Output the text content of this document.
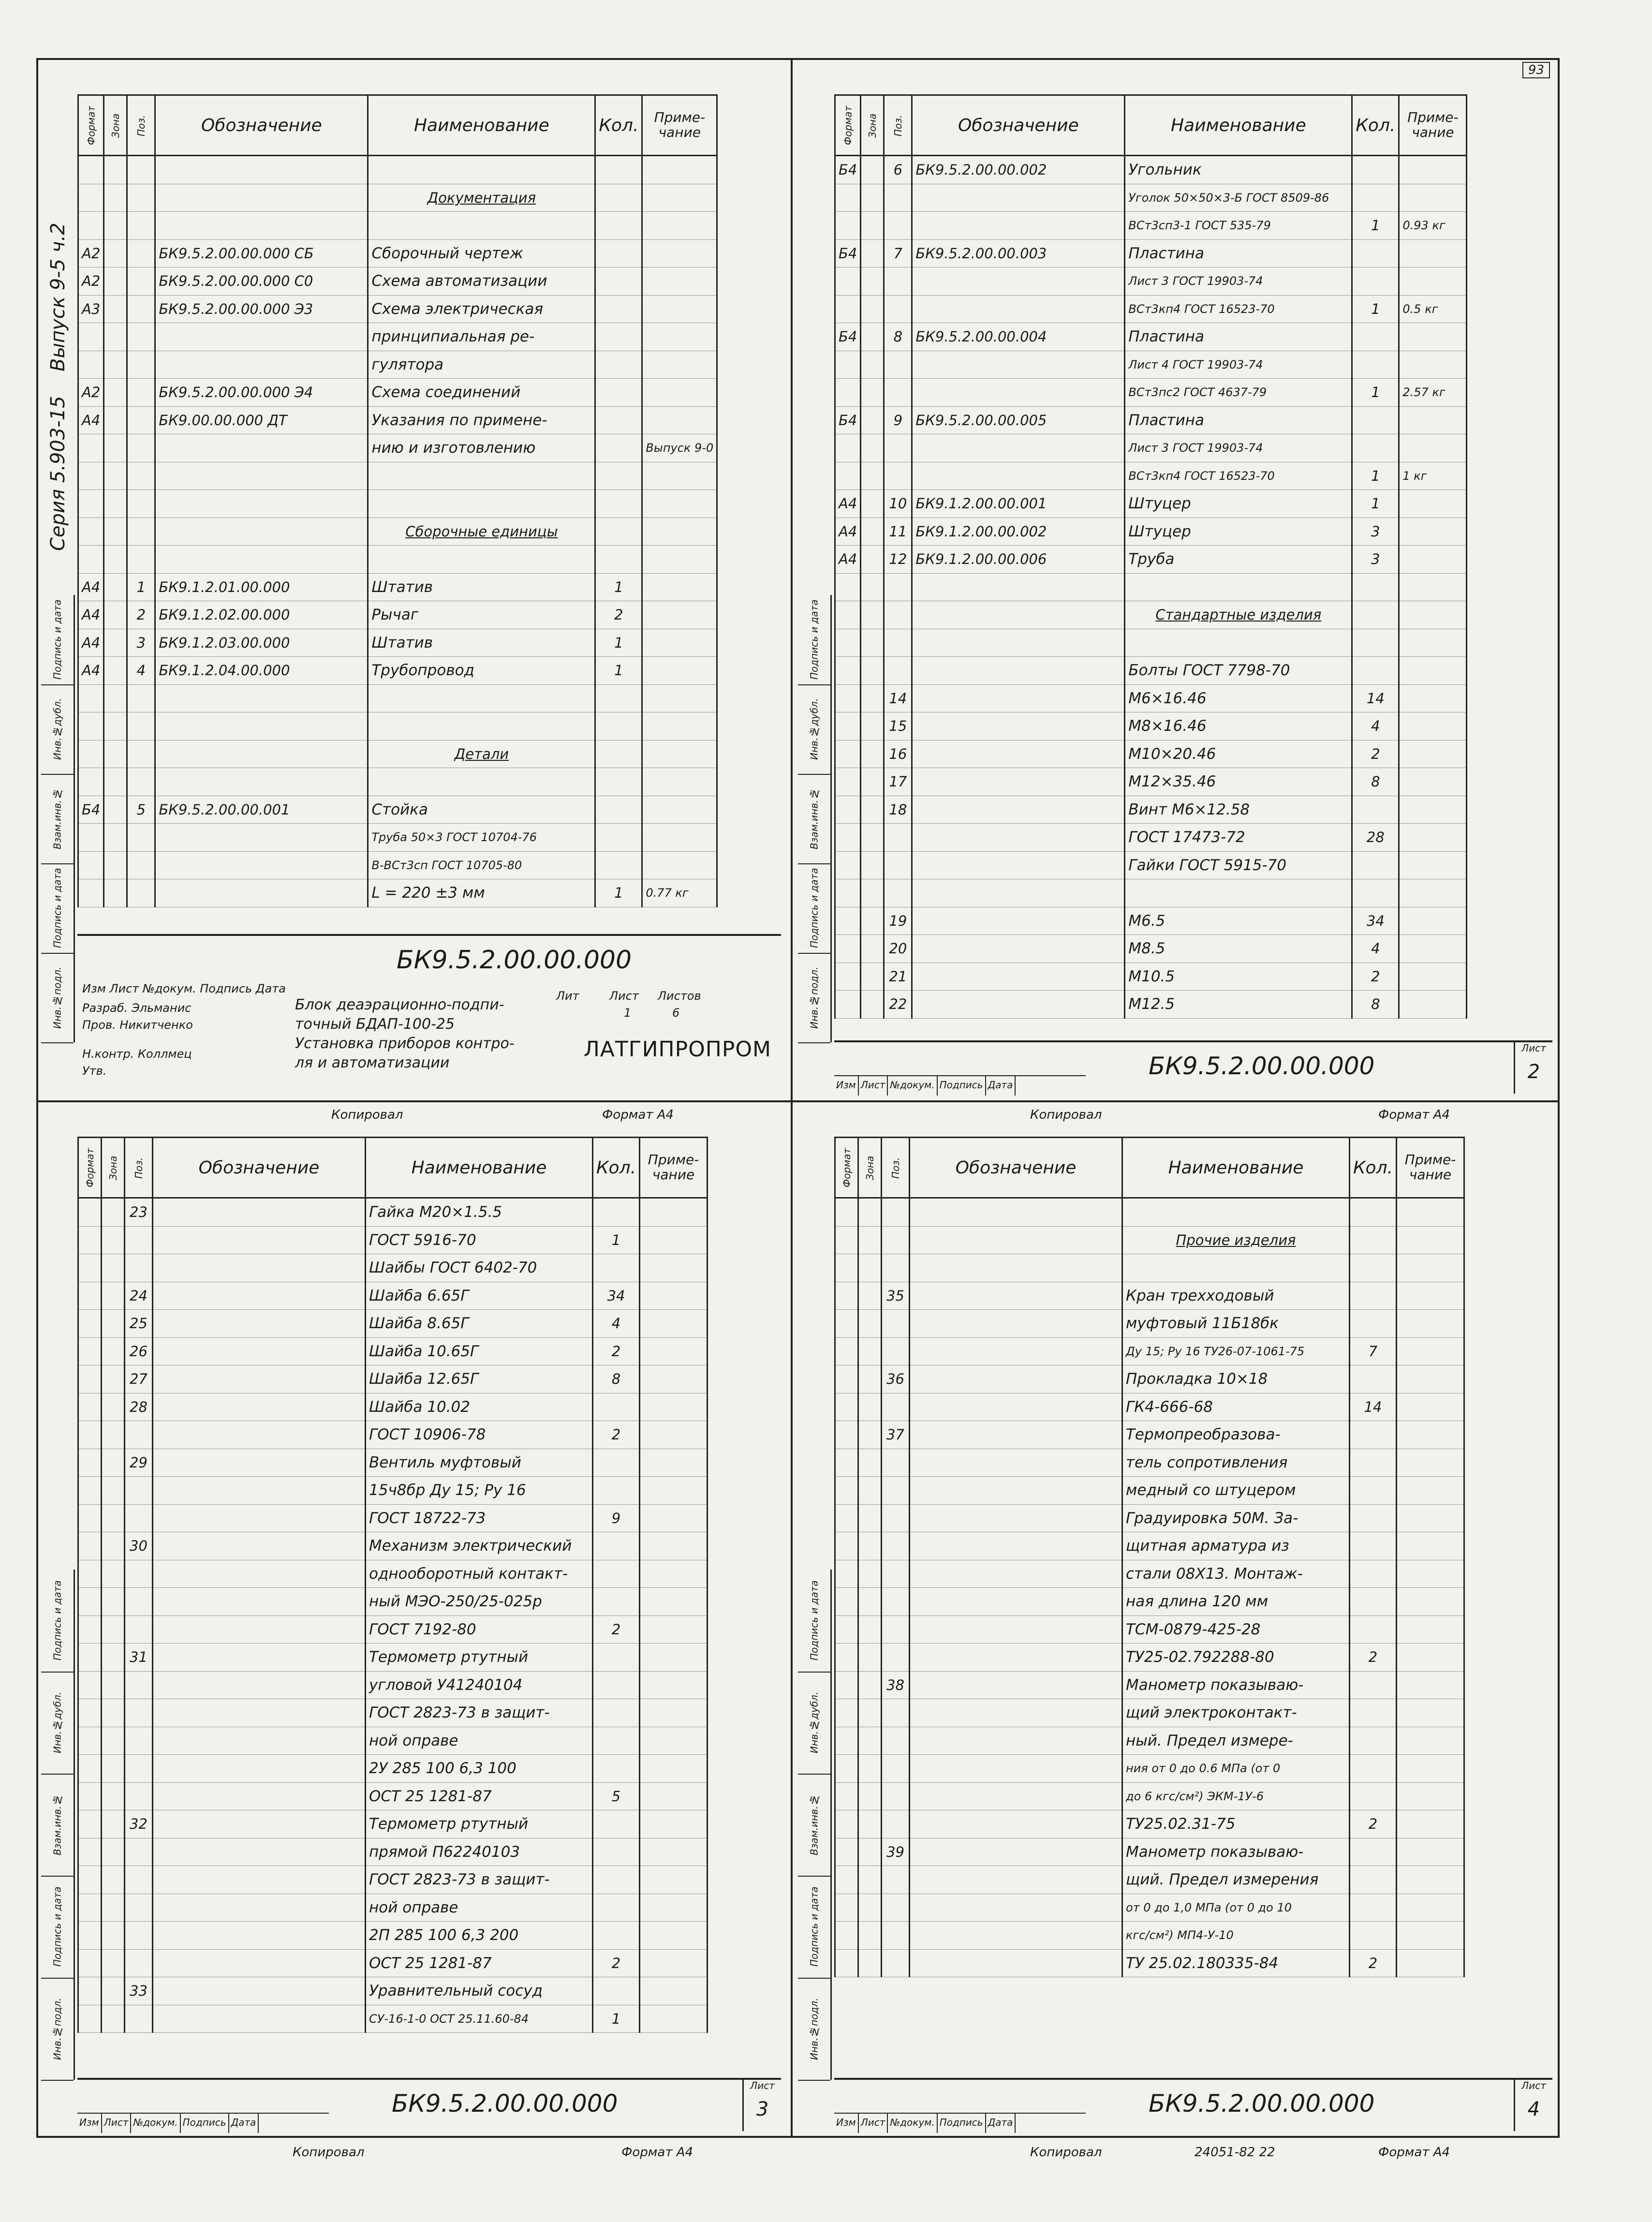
Серия 5.903-15

Выпуск 9-5 ч.2
Подпись и дата
Инв.№дубл.
Взам.инв.№
Подпись и дата
Инв.№подл.
Формат	Зона	Поз.	Обозначение	Наименование	Кол.	Приме-чание

				Документация		

А2			БК9.5.2.00.00.000 СБ	Сборочный чертеж		
А2			БК9.5.2.00.00.000 С0	Схема автоматизации		
А3			БК9.5.2.00.00.000 Э3	Схема электрическая		
				принципиальная ре-		
				гулятора		
А2			БК9.5.2.00.00.000 Э4	Схема соединений		
А4			БК9.00.00.000 ДТ	Указания по примене-		
				нию и изготовлению		Выпуск 9-0

				Сборочные единицы		

А4		1	БК9.1.2.01.00.000	Штатив	1	
А4		2	БК9.1.2.02.00.000	Рычаг	2	
А4		3	БК9.1.2.03.00.000	Штатив	1	
А4		4	БК9.1.2.04.00.000	Трубопровод	1	

				Детали		

Б4		5	БК9.5.2.00.00.001	Стойка		
				Труба 50×3 ГОСТ 10704-76		
				В-ВСт3сп ГОСТ 10705-80		
				L = 220 ±3 мм	1	0.77 кг
БК9.5.2.00.00.000
Изм Лист №докум. Подпись Дата
Разраб. Эльманис
Пров. Никитченко
Н.контр. Коллмец
Утв.
Блок деаэрационно-подпи-
точный БДАП-100-25
Установка приборов контро-
ля и автоматизации
Лит	Лист Листов
1	6
ЛАТГИПРОПРОМ
Копировал	Формат А4
93
Подпись и дата
Инв.№дубл.
Взам.инв.№
Подпись и дата
Инв.№подл.
Формат	Зона	Поз.	Обозначение	Наименование	Кол.	Приме-чание
Б4		6	БК9.5.2.00.00.002	Угольник		
				Уголок 50×50×3-Б ГОСТ 8509-86		
				ВСт3сп3-1 ГОСТ 535-79	1	0.93 кг
Б4		7	БК9.5.2.00.00.003	Пластина		
				Лист 3 ГОСТ 19903-74		
				ВСт3кп4 ГОСТ 16523-70	1	0.5 кг
Б4		8	БК9.5.2.00.00.004	Пластина		
				Лист 4 ГОСТ 19903-74		
				ВСт3пс2 ГОСТ 4637-79	1	2.57 кг
Б4		9	БК9.5.2.00.00.005	Пластина		
				Лист 3 ГОСТ 19903-74		
				ВСт3кп4 ГОСТ 16523-70	1	1 кг
А4		10	БК9.1.2.00.00.001	Штуцер	1	
А4		11	БК9.1.2.00.00.002	Штуцер	3	
А4		12	БК9.1.2.00.00.006	Труба	3	

				Стандартные изделия		

				Болты ГОСТ 7798-70		
		14		М6×16.46	14	
		15		М8×16.46	4	
		16		М10×20.46	2	
		17		М12×35.46	8	
		18		Винт М6×12.58		
				ГОСТ 17473-72	28	
				Гайки ГОСТ 5915-70		

		19		М6.5	34	
		20		М8.5	4	
		21		М10.5	2	
		22		М12.5	8	
БК9.5.2.00.00.000
Лист
2
Изм Лист №докум. Подпись Дата
Копировал	Формат А4
Подпись и дата
Инв.№дубл.
Взам.инв.№
Подпись и дата
Инв.№подл.
Формат	Зона	Поз.	Обозначение	Наименование	Кол.	Приме-чание
		23		Гайка М20×1.5.5		
				ГОСТ 5916-70	1	
				Шайбы ГОСТ 6402-70		
		24		Шайба 6.65Г	34	
		25		Шайба 8.65Г	4	
		26		Шайба 10.65Г	2	
		27		Шайба 12.65Г	8	
		28		Шайба 10.02		
				ГОСТ 10906-78	2	
		29		Вентиль муфтовый		
				15ч8бр Ду 15; Ру 16		
				ГОСТ 18722-73	9	
		30		Механизм электрический		
				однооборотный контакт-		
				ный МЭО-250/25-025р		
				ГОСТ 7192-80	2	
		31		Термометр ртутный		
				угловой У41240104		
				ГОСТ 2823-73 в защит-		
				ной оправе		
				2У 285 100 6,3 100		
				ОСТ 25 1281-87	5	
		32		Термометр ртутный		
				прямой П62240103		
				ГОСТ 2823-73 в защит-		
				ной оправе		
				2П 285 100 6,3 200		
				ОСТ 25 1281-87	2	
		33		Уравнительный сосуд		
				СУ-16-1-0 ОСТ 25.11.60-84	1	
БК9.5.2.00.00.000
Лист
3
Изм Лист №докум. Подпись Дата
Копировал	Формат А4
Подпись и дата
Инв.№дубл.
Взам.инв.№
Подпись и дата
Инв.№подл.
Формат	Зона	Поз.	Обозначение	Наименование	Кол.	Приме-чание

				Прочие изделия		

		35		Кран трехходовый		
				муфтовый 11Б18бк		
				Ду 15; Ру 16 ТУ26-07-1061-75	7	
		36		Прокладка 10×18		
				ГК4-666-68	14	
		37		Термопреобразова-		
				тель сопротивления		
				медный со штуцером		
				Градуировка 50М. За-		
				щитная арматура из		
				стали 08Х13. Монтаж-		
				ная длина 120 мм		
				ТСМ-0879-425-28		
				ТУ25-02.792288-80	2	
		38		Манометр показываю-		
				щий электроконтакт-		
				ный. Предел измере-		
				ния от 0 до 0.6 МПа (от 0		
				до 6 кгс/см²) ЭКМ-1У-6		
				ТУ25.02.31-75	2	
		39		Манометр показываю-		
				щий. Предел измерения		
				от 0 до 1,0 МПа (от 0 до 10		
				кгс/см²) МП4-У-10		
				ТУ 25.02.180335-84	2	
БК9.5.2.00.00.000
Лист
4
Изм Лист №докум. Подпись Дата
Копировал	24051-82 22	Формат А4
